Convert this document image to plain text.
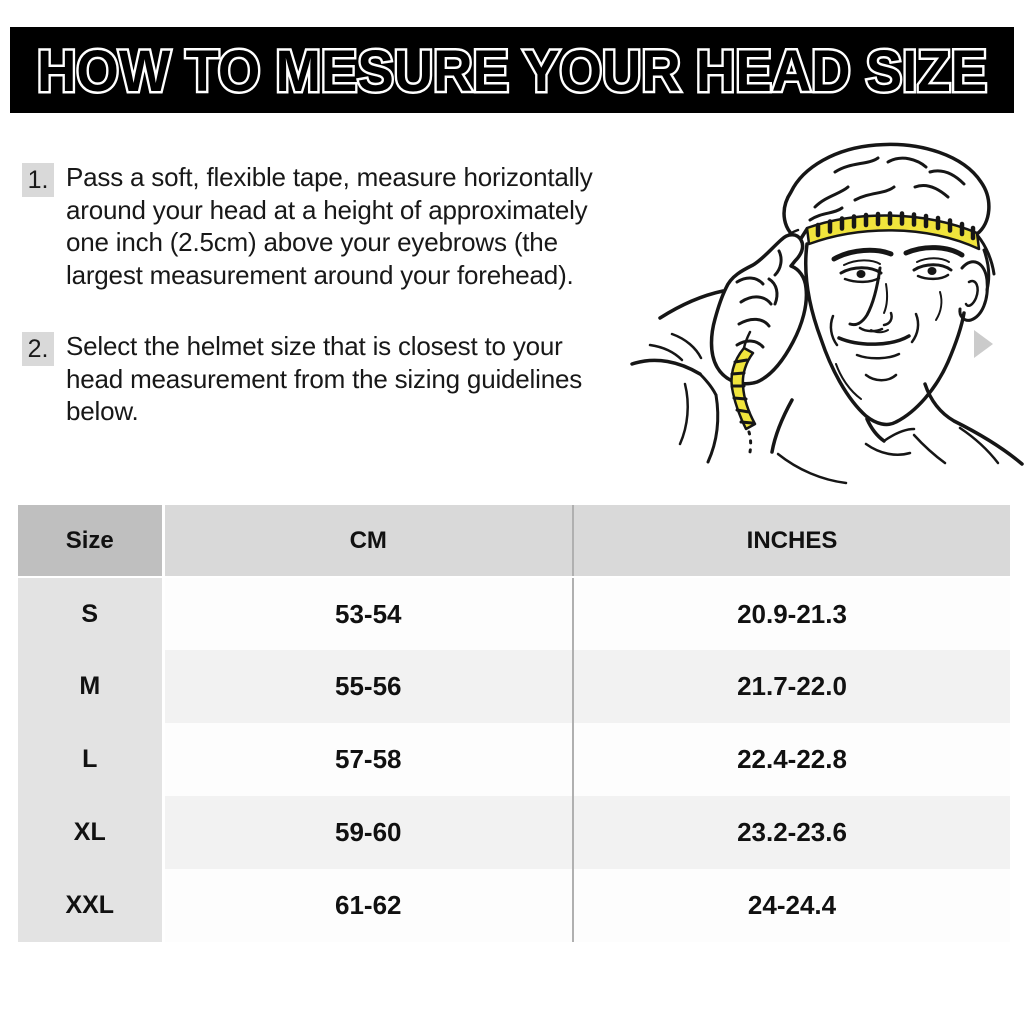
HOW TO MESURE YOUR HEAD SIZE
1. Pass a soft, flexible tape, measure horizontally
around your head at a height of approximately
one inch (2.5cm) above your eyebrows (the
largest measurement around your forehead).
2. Select the helmet size that is closest to your
head measurement from the sizing guidelines
below.
Size	CM	INCHES
S	53-54	20.9-21.3
M	55-56	21.7-22.0
L	57-58	22.4-22.8
XL	59-60	23.2-23.6
XXL	61-62	24-24.4
